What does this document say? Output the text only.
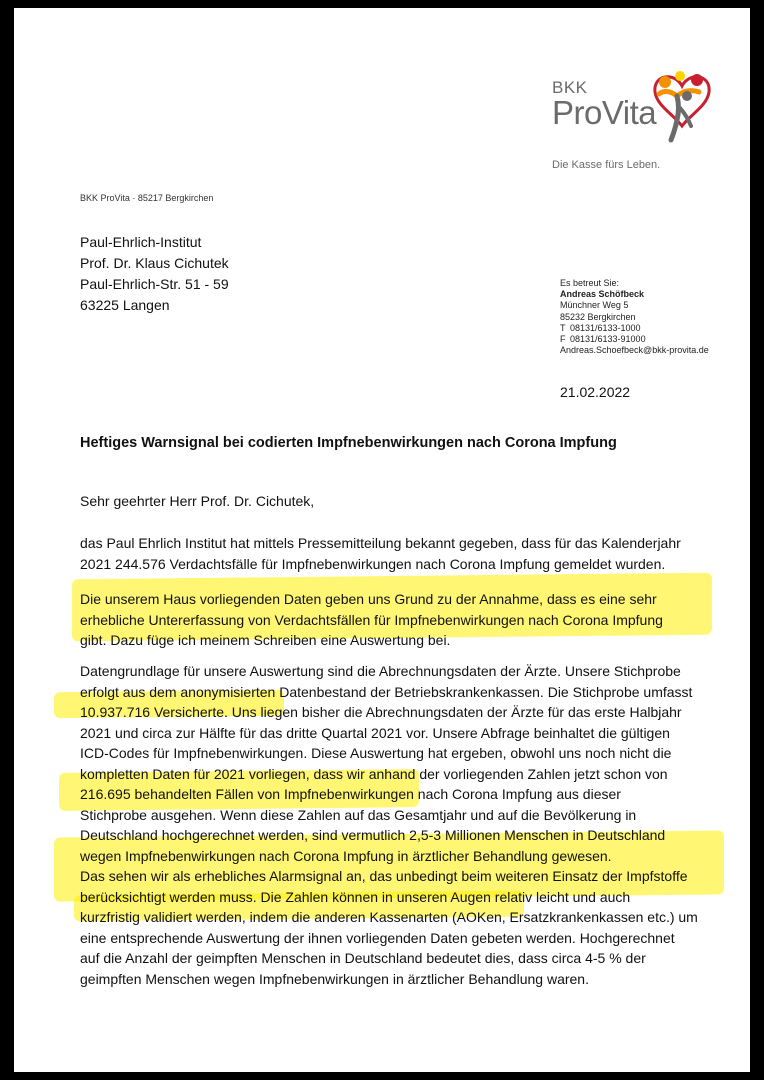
BKK
ProVita
Die Kasse fürs Leben.
BKK ProVita · 85217 Bergkirchen
Paul-Ehrlich-Institut
Prof. Dr. Klaus Cichutek
Paul-Ehrlich-Str. 51 - 59
63225 Langen
Es betreut Sie:
Andreas Schöfbeck
Münchner Weg 5
85232 Bergkirchen
T 08131/6133-1000
F 08131/6133-91000
Andreas.Schoefbeck@bkk-provita.de
21.02.2022
Heftiges Warnsignal bei codierten Impfnebenwirkungen nach Corona Impfung
Sehr geehrter Herr Prof. Dr. Cichutek,
das Paul Ehrlich Institut hat mittels Pressemitteilung bekannt gegeben, dass für das Kalenderjahr
2021 244.576 Verdachtsfälle für Impfnebenwirkungen nach Corona Impfung gemeldet wurden.
Die unserem Haus vorliegenden Daten geben uns Grund zu der Annahme, dass es eine sehr
erhebliche Untererfassung von Verdachtsfällen für Impfnebenwirkungen nach Corona Impfung
gibt. Dazu füge ich meinem Schreiben eine Auswertung bei.
Datengrundlage für unsere Auswertung sind die Abrechnungsdaten der Ärzte. Unsere Stichprobe
erfolgt aus dem anonymisierten Datenbestand der Betriebskrankenkassen. Die Stichprobe umfasst
10.937.716 Versicherte. Uns liegen bisher die Abrechnungsdaten der Ärzte für das erste Halbjahr
2021 und circa zur Hälfte für das dritte Quartal 2021 vor. Unsere Abfrage beinhaltet die gültigen
ICD-Codes für Impfnebenwirkungen. Diese Auswertung hat ergeben, obwohl uns noch nicht die
kompletten Daten für 2021 vorliegen, dass wir anhand der vorliegenden Zahlen jetzt schon von
216.695 behandelten Fällen von Impfnebenwirkungen nach Corona Impfung aus dieser
Stichprobe ausgehen. Wenn diese Zahlen auf das Gesamtjahr und auf die Bevölkerung in
Deutschland hochgerechnet werden, sind vermutlich 2,5-3 Millionen Menschen in Deutschland
wegen Impfnebenwirkungen nach Corona Impfung in ärztlicher Behandlung gewesen.
Das sehen wir als erhebliches Alarmsignal an, das unbedingt beim weiteren Einsatz der Impfstoffe
berücksichtigt werden muss. Die Zahlen können in unseren Augen relativ leicht und auch
kurzfristig validiert werden, indem die anderen Kassenarten (AOKen, Ersatzkrankenkassen etc.) um
eine entsprechende Auswertung der ihnen vorliegenden Daten gebeten werden. Hochgerechnet
auf die Anzahl der geimpften Menschen in Deutschland bedeutet dies, dass circa 4-5 % der
geimpften Menschen wegen Impfnebenwirkungen in ärztlicher Behandlung waren.
